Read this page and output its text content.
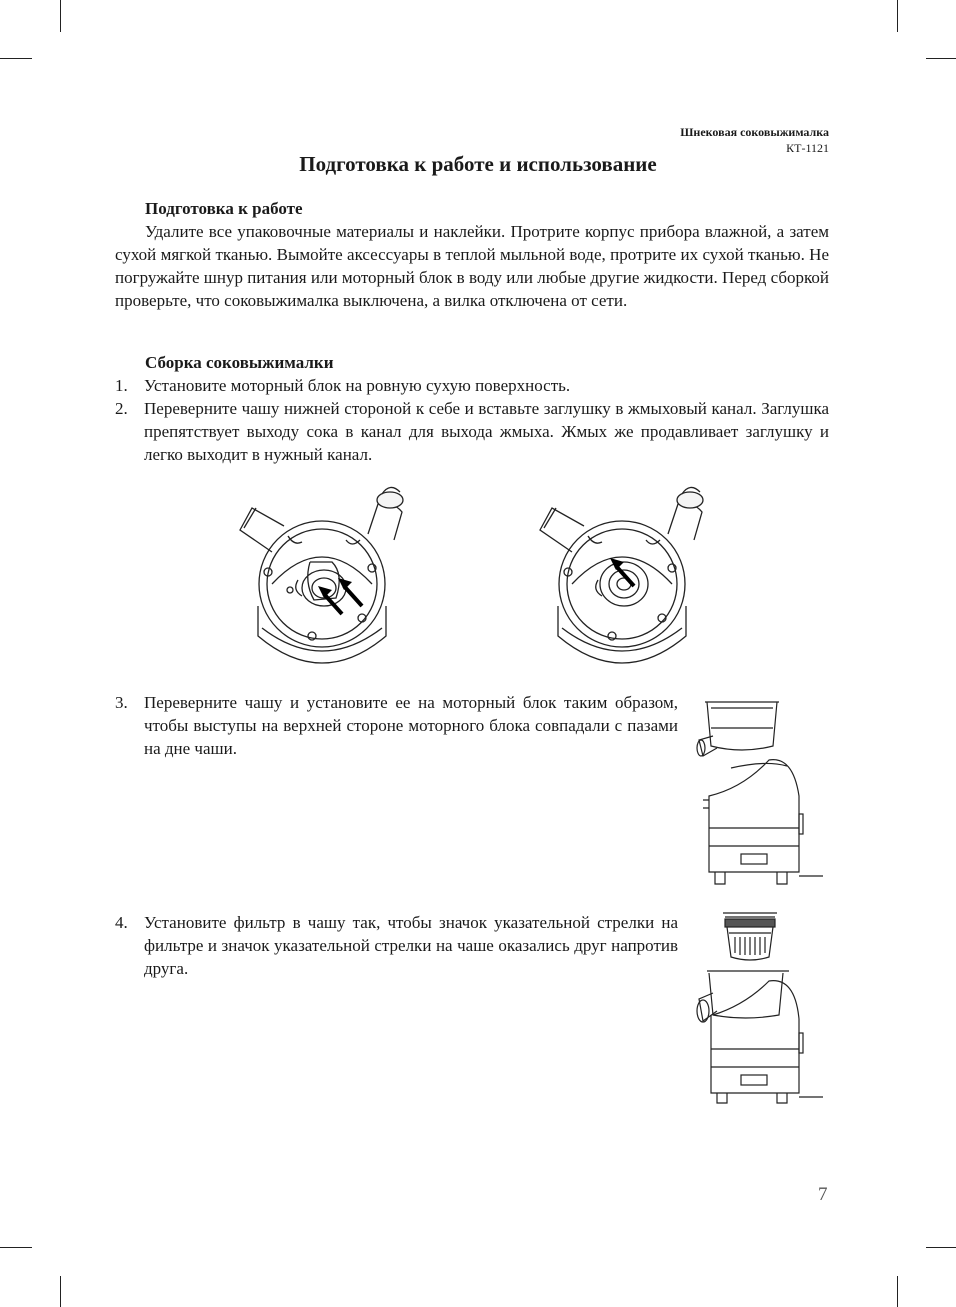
Шнековая соковыжималка
КТ-1121
Подготовка к работе и использование
Подготовка к работе

Удалите все упаковочные материалы и наклейки. Протрите корпус прибора влажной, а затем сухой мягкой тканью. Вымойте аксессуары в теплой мыльной воде, протрите их сухой тканью. Не погружайте шнур питания или моторный блок в воду или любые другие жидкости. Перед сборкой проверьте, что соковыжималка выключена, а вилка отключена от сети.

Сборка соковыжималки
1. Установите моторный блок на ровную сухую поверхность.
2. Переверните чашу нижней стороной к себе и вставьте заглушку в жмыховый канал. Заглушка препятствует выходу сока в канал для выхода жмыха. Жмых же продавливает заглушку и легко выходит в нужный канал.
3. Переверните чашу и установите ее на моторный блок таким образом, чтобы выступы на верхней стороне моторного блока совпадали с пазами на дне чаши.
4. Установите фильтр в чашу так, чтобы значок указательной стрелки на фильтре и значок указательной стрелки на чаше оказались друг напротив друга.
7
